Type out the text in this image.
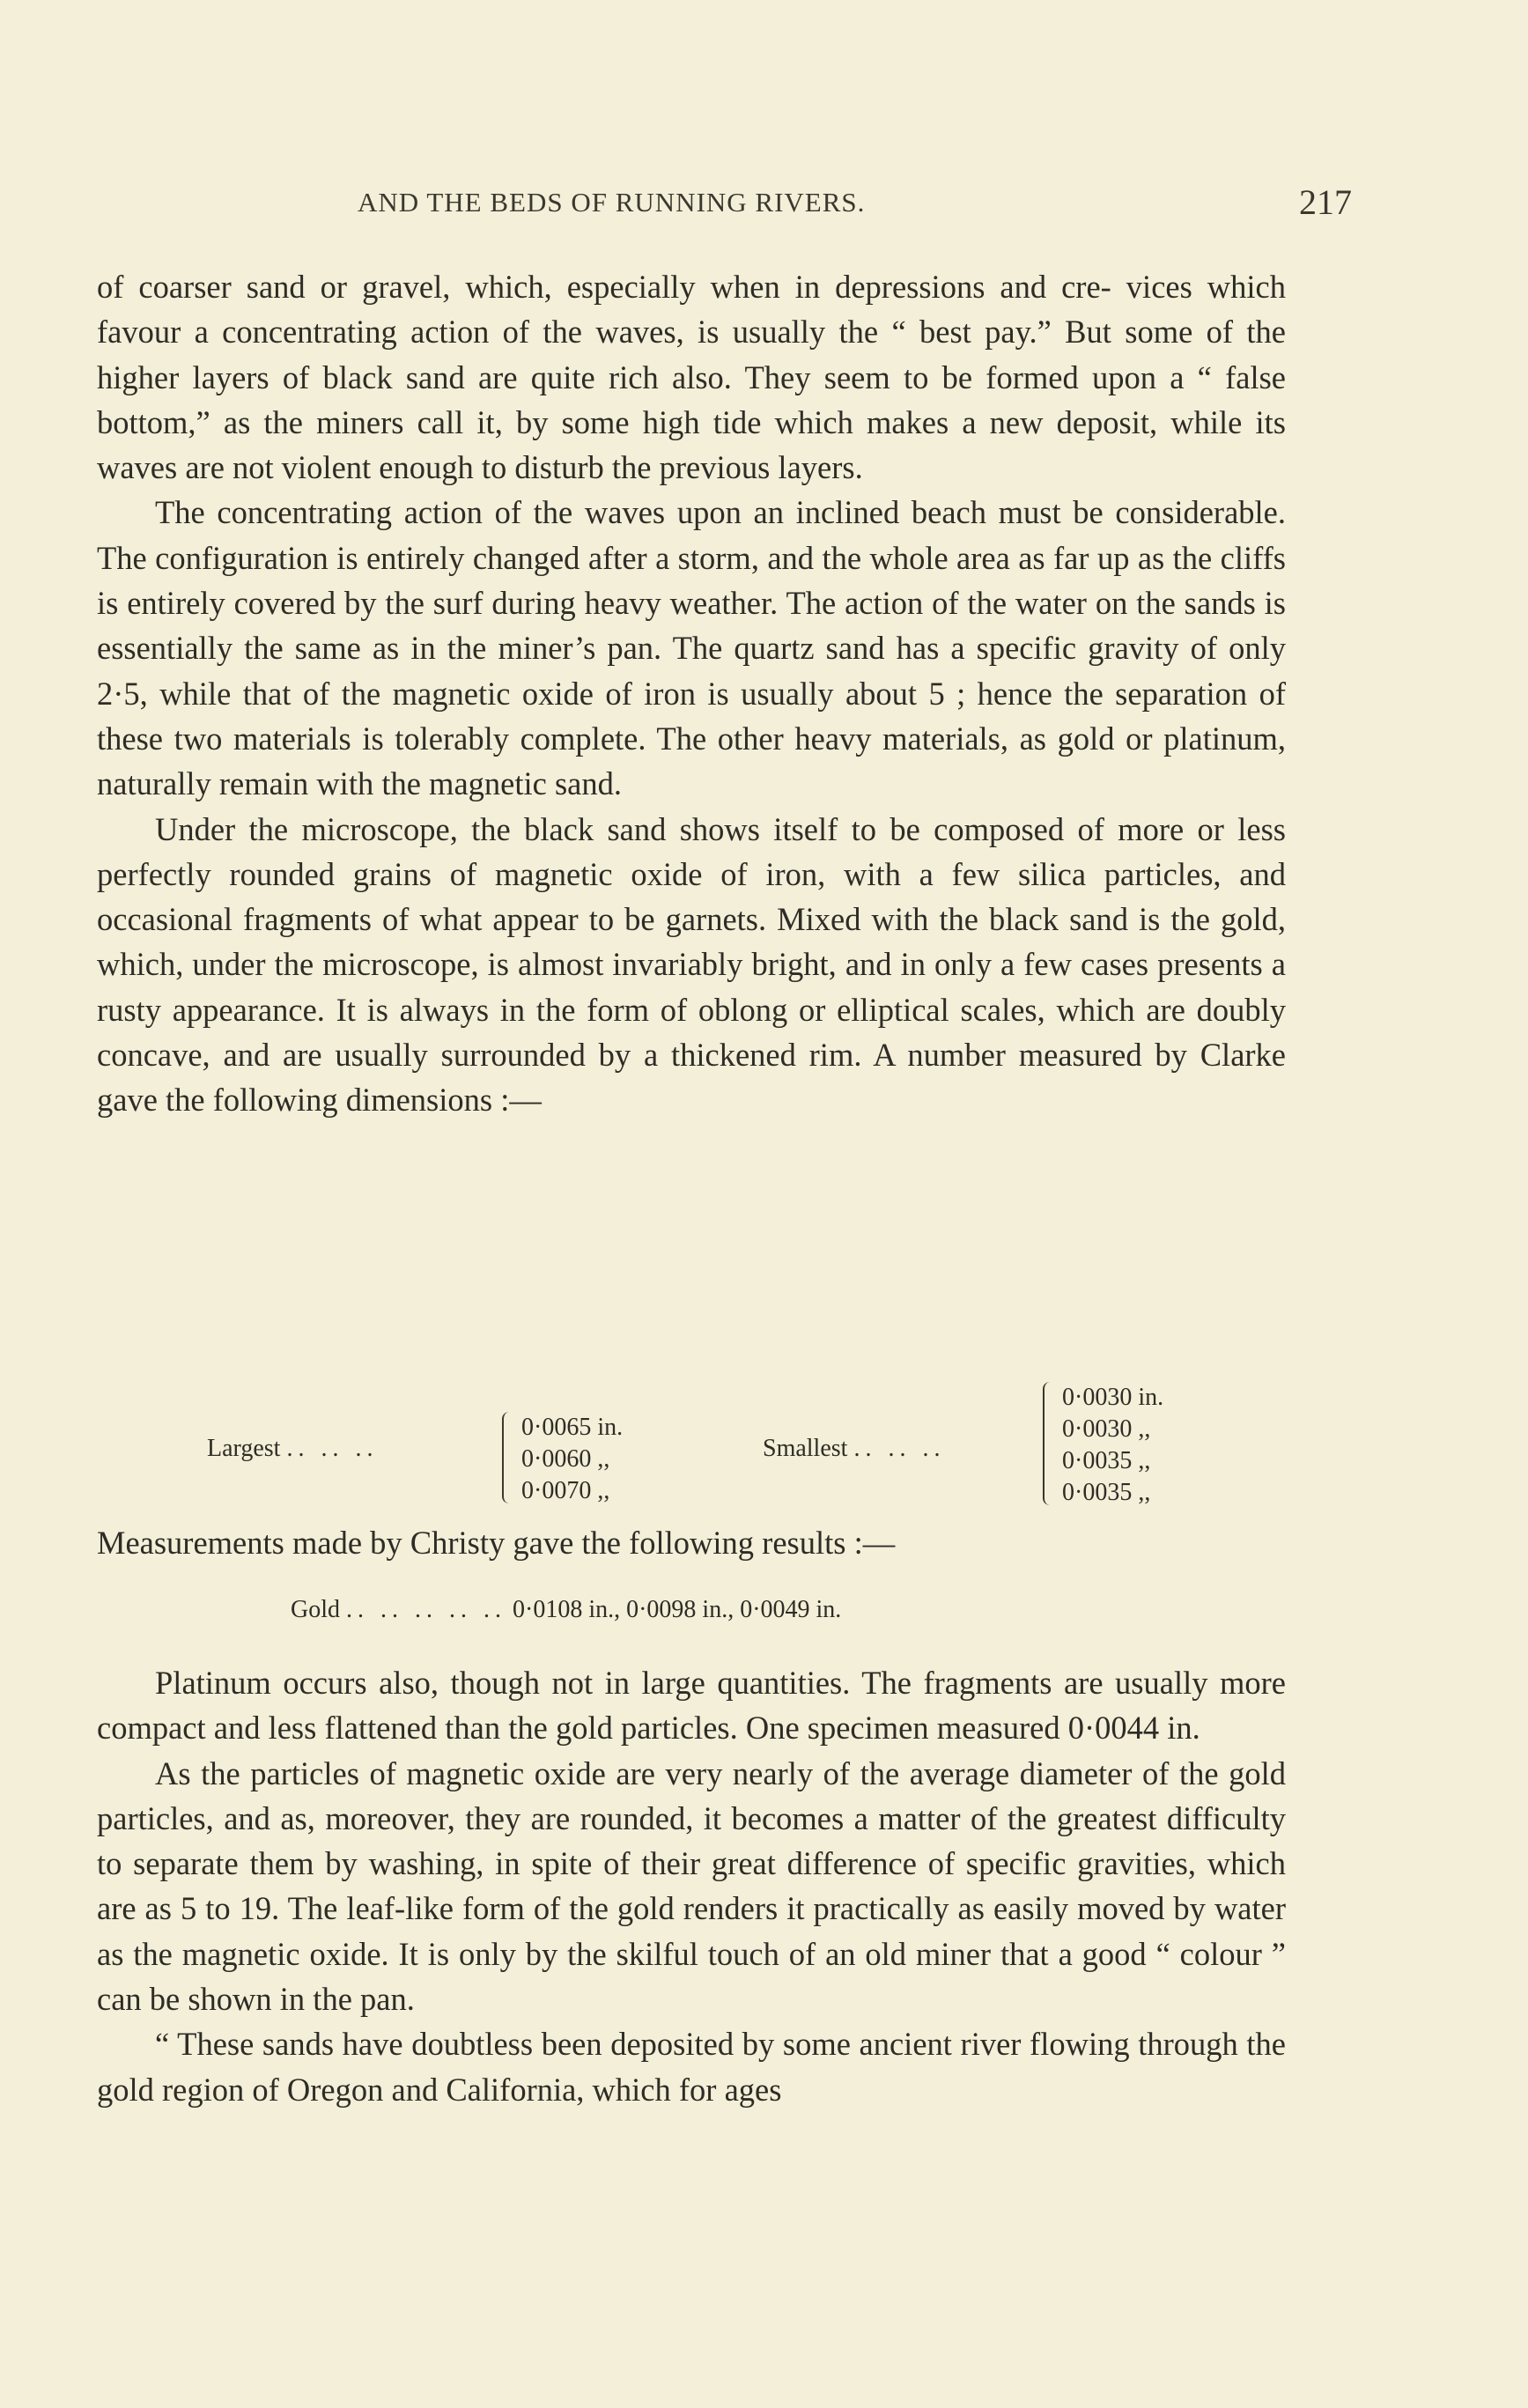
AND THE BEDS OF RUNNING RIVERS.	217

of coarser sand or gravel, which, especially when in depressions and cre- vices which favour a concentrating action of the waves, is usually the “ best pay.” But some of the higher layers of black sand are quite rich also. They seem to be formed upon a “ false bottom,” as the miners call it, by some high tide which makes a new deposit, while its waves are not violent enough to disturb the previous layers.

The concentrating action of the waves upon an inclined beach must be considerable. The configuration is entirely changed after a storm, and the whole area as far up as the cliffs is entirely covered by the surf during heavy weather. The action of the water on the sands is essentially the same as in the miner’s pan. The quartz sand has a specific gravity of only 2·5, while that of the magnetic oxide of iron is usually about 5 ; hence the separation of these two materials is tolerably complete. The other heavy materials, as gold or platinum, naturally remain with the magnetic sand.

Under the microscope, the black sand shows itself to be composed of more or less perfectly rounded grains of magnetic oxide of iron, with a few silica particles, and occasional fragments of what appear to be garnets. Mixed with the black sand is the gold, which, under the microscope, is almost invariably bright, and in only a few cases presents a rusty appearance. It is always in the form of oblong or elliptical scales, which are doubly concave, and are usually surrounded by a thickened rim. A number measured by Clarke gave the following dimensions :—

Largest .. .. ..
0·0065 in.
0·0060 ,,
0·0070 ,,
Smallest .. .. ..
0·0030 in.
0·0030 ,,
0·0035 ,,
0·0035 ,,
Measurements made by Christy gave the following results :—
Gold .. .. .. .. .. 0·0108 in., 0·0098 in., 0·0049 in.

Platinum occurs also, though not in large quantities. The fragments are usually more compact and less flattened than the gold particles. One specimen measured 0·0044 in.

As the particles of magnetic oxide are very nearly of the average diameter of the gold particles, and as, moreover, they are rounded, it becomes a matter of the greatest difficulty to separate them by washing, in spite of their great difference of specific gravities, which are as 5 to 19. The leaf-like form of the gold renders it practically as easily moved by water as the magnetic oxide. It is only by the skilful touch of an old miner that a good “ colour ” can be shown in the pan.

“ These sands have doubtless been deposited by some ancient river flowing through the gold region of Oregon and California, which for ages
